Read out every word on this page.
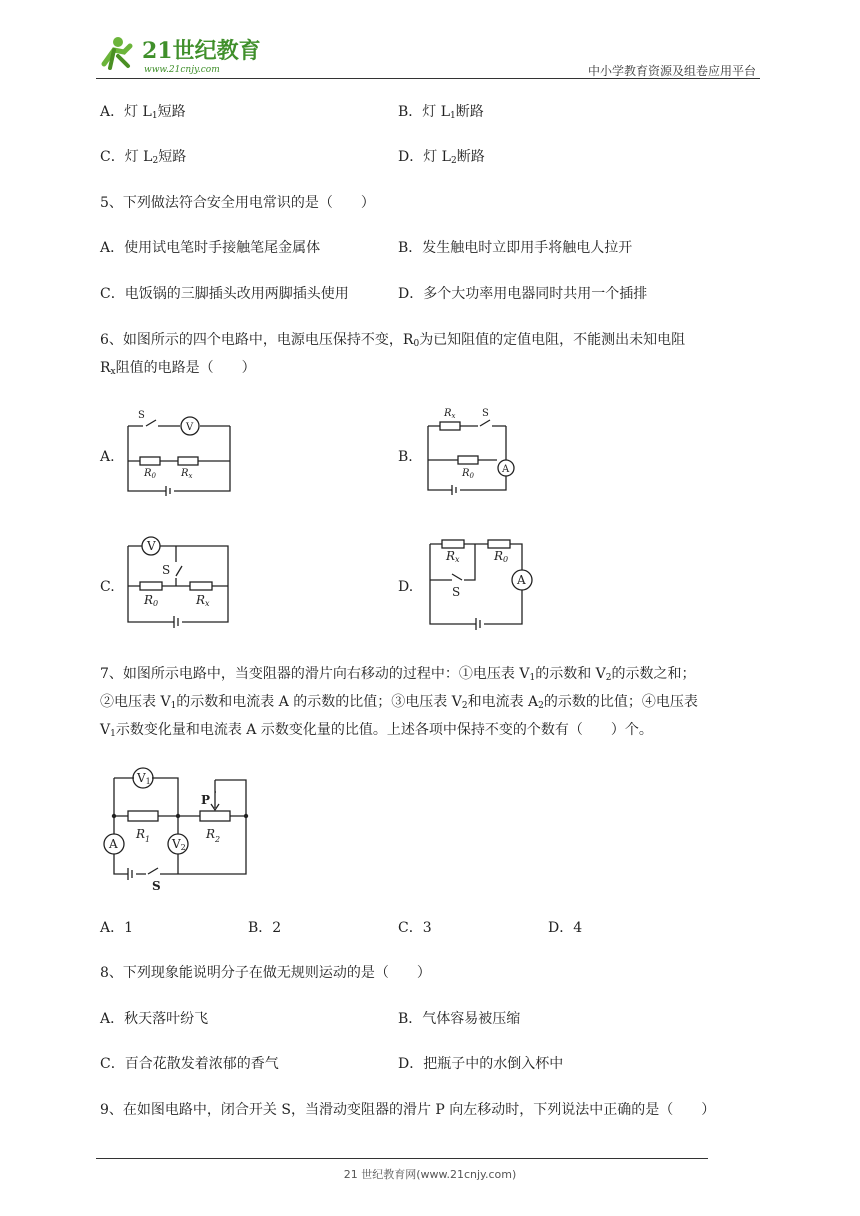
21世纪教育
www.21cnjy.com	中小学教育资源及组卷应用平台
A．灯 $L_1$短路	B．灯 $L_1$断路
C．灯 $L_2$短路	D．灯 $L_2$断路
5、下列做法符合安全用电常识的是（　　）
A．使用试电笔时手接触笔尾金属体	B．发生触电时立即用手将触电人拉开
C．电饭锅的三脚插头改用两脚插头使用	D．多个大功率用电器同时共用一个插排
6、如图所示的四个电路中，电源电压保持不变，$R_0$为已知阻值的定值电阻，不能测出未知电阻
$R_x$阻值的电路是（　　）
A.	B.
C.	D.
S
V
$R_0$	$R_x$
$R_x$	S
$R_0$
A
V
S
R0	Rx
Rx	R0
A
S
7、如图所示电路中，当变阻器的滑片向右移动的过程中：①电压表 $V_1$的示数和 $V_2$的示数之和；
②电压表 $V_1$的示数和电流表 A 的示数的比值；③电压表 $V_2$和电流表 $A_2$的示数的比值；④电压表
$V_1$示数变化量和电流表 A 示数变化量的比值。上述各项中保持不变的个数有（　　）个。
V1
V2
A
$R_1$	$R_2$
P
S
A．1	B．2	C．3	D．4
8、下列现象能说明分子在做无规则运动的是（　　）
A．秋天落叶纷飞	B．气体容易被压缩
C．百合花散发着浓郁的香气	D．把瓶子中的水倒入杯中
9、在如图电路中，闭合开关 S，当滑动变阻器的滑片 P 向左移动时，下列说法中正确的是（　　）
21 世纪教育网(www.21cnjy.com)
